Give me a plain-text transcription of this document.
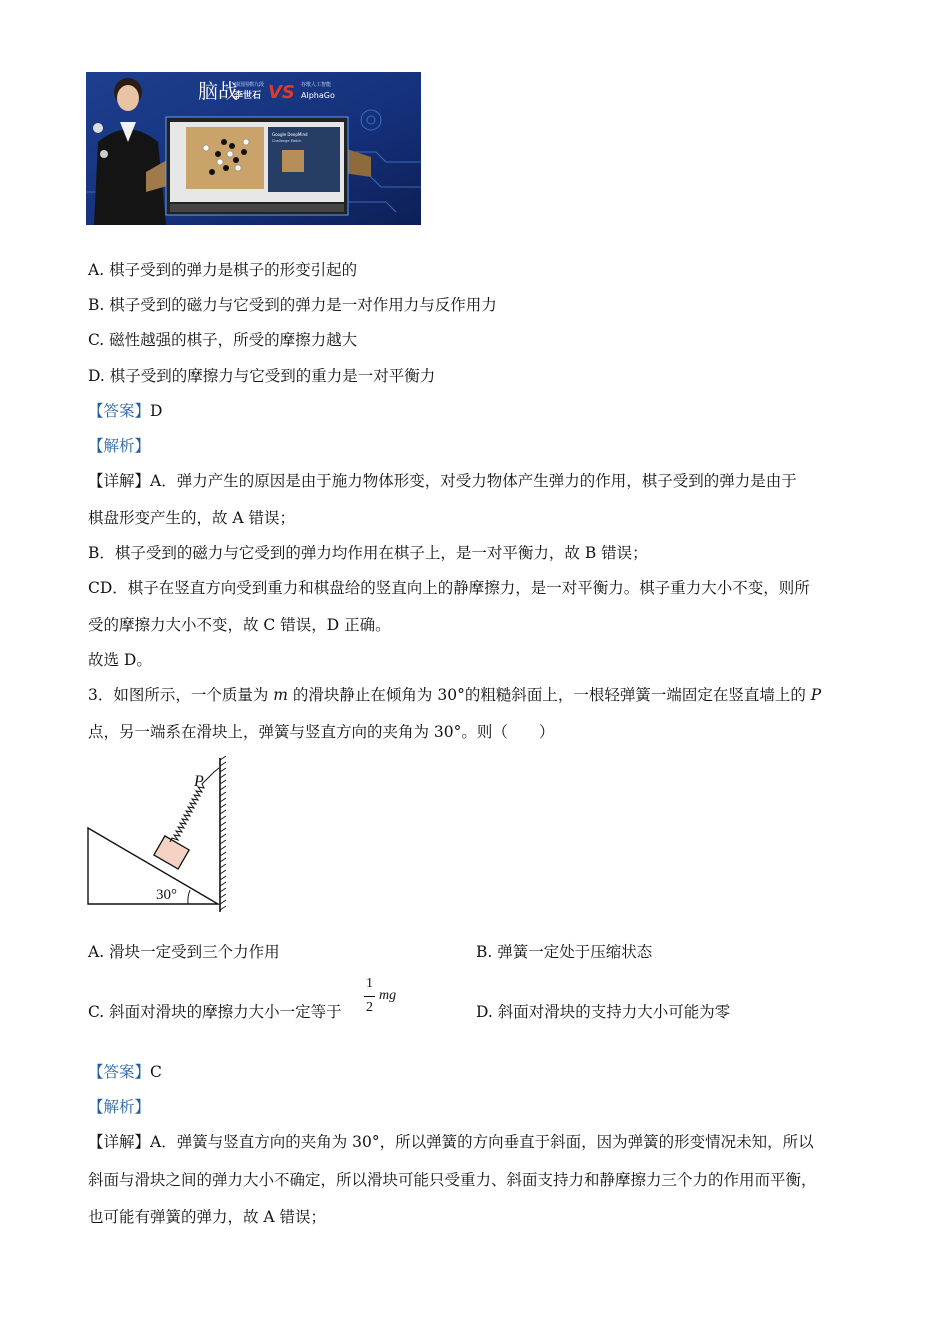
脑战
韩国围棋九段
李世石 VS 谷歌人工智能
AlphaGo
Google DeepMind
Challenge Match
A. 棋子受到的弹力是棋子的形变引起的
B. 棋子受到的磁力与它受到的弹力是一对作用力与反作用力
C. 磁性越强的棋子，所受的摩擦力越大
D. 棋子受到的摩擦力与它受到的重力是一对平衡力
【答案】D
【解析】
【详解】A．弹力产生的原因是由于施力物体形变，对受力物体产生弹力的作用，棋子受到的弹力是由于
棋盘形变产生的，故 A 错误；
B．棋子受到的磁力与它受到的弹力均作用在棋子上，是一对平衡力，故 B 错误；
CD．棋子在竖直方向受到重力和棋盘给的竖直向上的静摩擦力，是一对平衡力。棋子重力大小不变，则所
受的摩擦力大小不变，故 C 错误，D 正确。
故选 D。
3．如图所示，一个质量为 m 的滑块静止在倾角为 30°的粗糙斜面上，一根轻弹簧一端固定在竖直墙上的 P
点，另一端系在滑块上，弹簧与竖直方向的夹角为 30°。则（　　）
30°
P
A. 滑块一定受到三个力作用	B. 弹簧一定处于压缩状态
C. 斜面对滑块的摩擦力大小一定等于
1
2
mg
D. 斜面对滑块的支持力大小可能为零
【答案】C
【解析】
【详解】A．弹簧与竖直方向的夹角为 30°，所以弹簧的方向垂直于斜面，因为弹簧的形变情况未知，所以
斜面与滑块之间的弹力大小不确定，所以滑块可能只受重力、斜面支持力和静摩擦力三个力的作用而平衡，
也可能有弹簧的弹力，故 A 错误；
